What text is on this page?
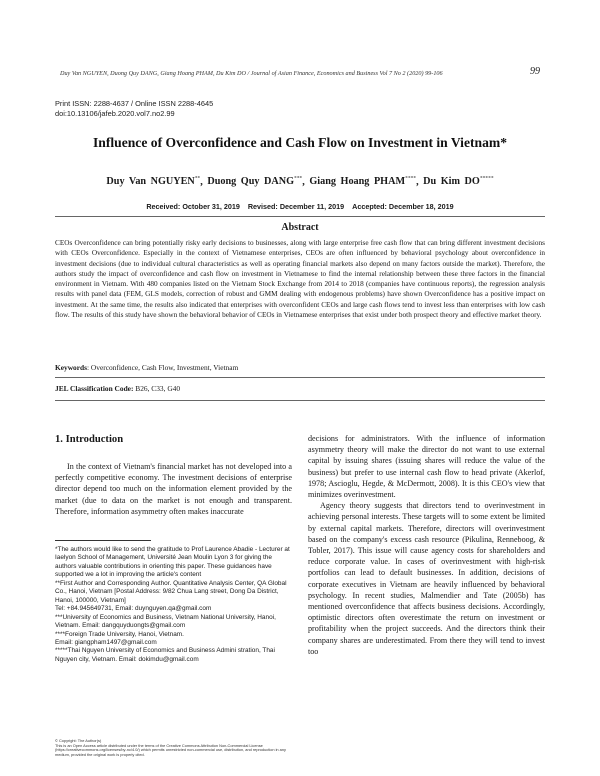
Duy Van NGUYEN, Duong Quy DANG, Giang Hoang PHAM, Du Kim DO / Journal of Asian Finance, Economics and Business Vol 7 No 2 (2020) 99-106	99
Print ISSN: 2288-4637 / Online ISSN 2288-4645
doi:10.13106/jafeb.2020.vol7.no2.99
Influence of Overconfidence and Cash Flow on Investment in Vietnam*
Duy Van NGUYEN**, Duong Quy DANG***, Giang Hoang PHAM****, Du Kim DO*****
Received: October 31, 2019 Revised: December 11, 2019 Accepted: December 18, 2019
Abstract
CEOs Overconfidence can bring potentially risky early decisions to businesses, along with large enterprise free cash flow that can bring different investment decisions with CEOs Overconfidence. Especially in the context of Vietnamese enterprises, CEOs are often influenced by behavioral psychology about overconfidence in investment decisions (due to individual cultural characteristics as well as operating financial markets also depend on many factors outside the market). Therefore, the authors study the impact of overconfidence and cash flow on investment in Vietnamese to find the internal relationship between these three factors in the financial environment in Vietnam. With 480 companies listed on the Vietnam Stock Exchange from 2014 to 2018 (companies have continuous reports), the regression analysis results with panel data (FEM, GLS models, correction of robust and GMM dealing with endogenous problems) have shown Overconfidence has a positive impact on investment. At the same time, the results also indicated that enterprises with overconfident CEOs and large cash flows tend to invest less than enterprises with low cash flow. The results of this study have shown the behavioral behavior of CEOs in Vietnamese enterprises that exist under both prospect theory and effective market theory.
Keywords: Overconfidence, Cash Flow, Investment, Vietnam
JEL Classification Code: B26, C33, G40
1. Introduction

In the context of Vietnam's financial market has not developed into a perfectly competitive economy. The investment decisions of enterprise director depend too much on the information element provided by the market (due to data on the market is not enough and transparent. Therefore, information asymmetry often makes inaccurate

*The authors would like to send the gratitude to Prof Laurence Abadie - Lecturer at Iaelyon School of Management, Université Jean Moulin Lyon 3 for giving the authors valuable contributions in orienting this paper. These guidances have supported we a lot in improving the article's content

**First Author and Corresponding Author. Quantitative Analysis Center, QA Global Co., Hanoi, Vietnam [Postal Address: 9/82 Chua Lang street, Dong Da District, Hanoi, 100000, Vietnam]

Tel: +84.945649731, Email: duynguyen.qa@gmail.com

***University of Economics and Business, Vietnam National University, Hanoi, Vietnam. Email: dangquyduongts@gmail.com

****Foreign Trade University, Hanoi, Vietnam.

Email: giangpham1497@gmail.com

*****Thai Nguyen University of Economics and Business Admini stration, Thai Nguyen city, Vietnam. Email: dokimdu@gmail.com

© Copyright: The Author(s)
This is an Open Access article distributed under the terms of the Creative Commons Attribution Non-Commercial License (https://creativecommons.org/licenses/by-nc/4.0/) which permits unrestricted non-commercial use, distribution, and reproduction in any medium, provided the original work is properly cited.

decisions for administrators. With the influence of information asymmetry theory will make the director do not want to use external capital by issuing shares (issuing shares will reduce the value of the business) but prefer to use internal cash flow to head private (Akerlof, 1978; Ascioglu, Hegde, & McDermott, 2008). It is this CEO's view that minimizes overinvestment.

Agency theory suggests that directors tend to overinvestment in achieving personal interests. These targets will to some extent be limited by external capital markets. Therefore, directors will overinvestment based on the company's excess cash resource (Pikulina, Renneboog, & Tobler, 2017). This issue will cause agency costs for shareholders and reduce corporate value. In cases of overinvestment with high-risk portfolios can lead to default businesses. In addition, decisions of corporate executives in Vietnam are heavily influenced by behavioral psychology. In recent studies, Malmendier and Tate (2005b) has mentioned overconfidence that affects business decisions. Accordingly, optimistic directors often overestimate the return on investment or profitability when the project succeeds. And the directors think their company shares are underestimated. From there they will tend to invest too
